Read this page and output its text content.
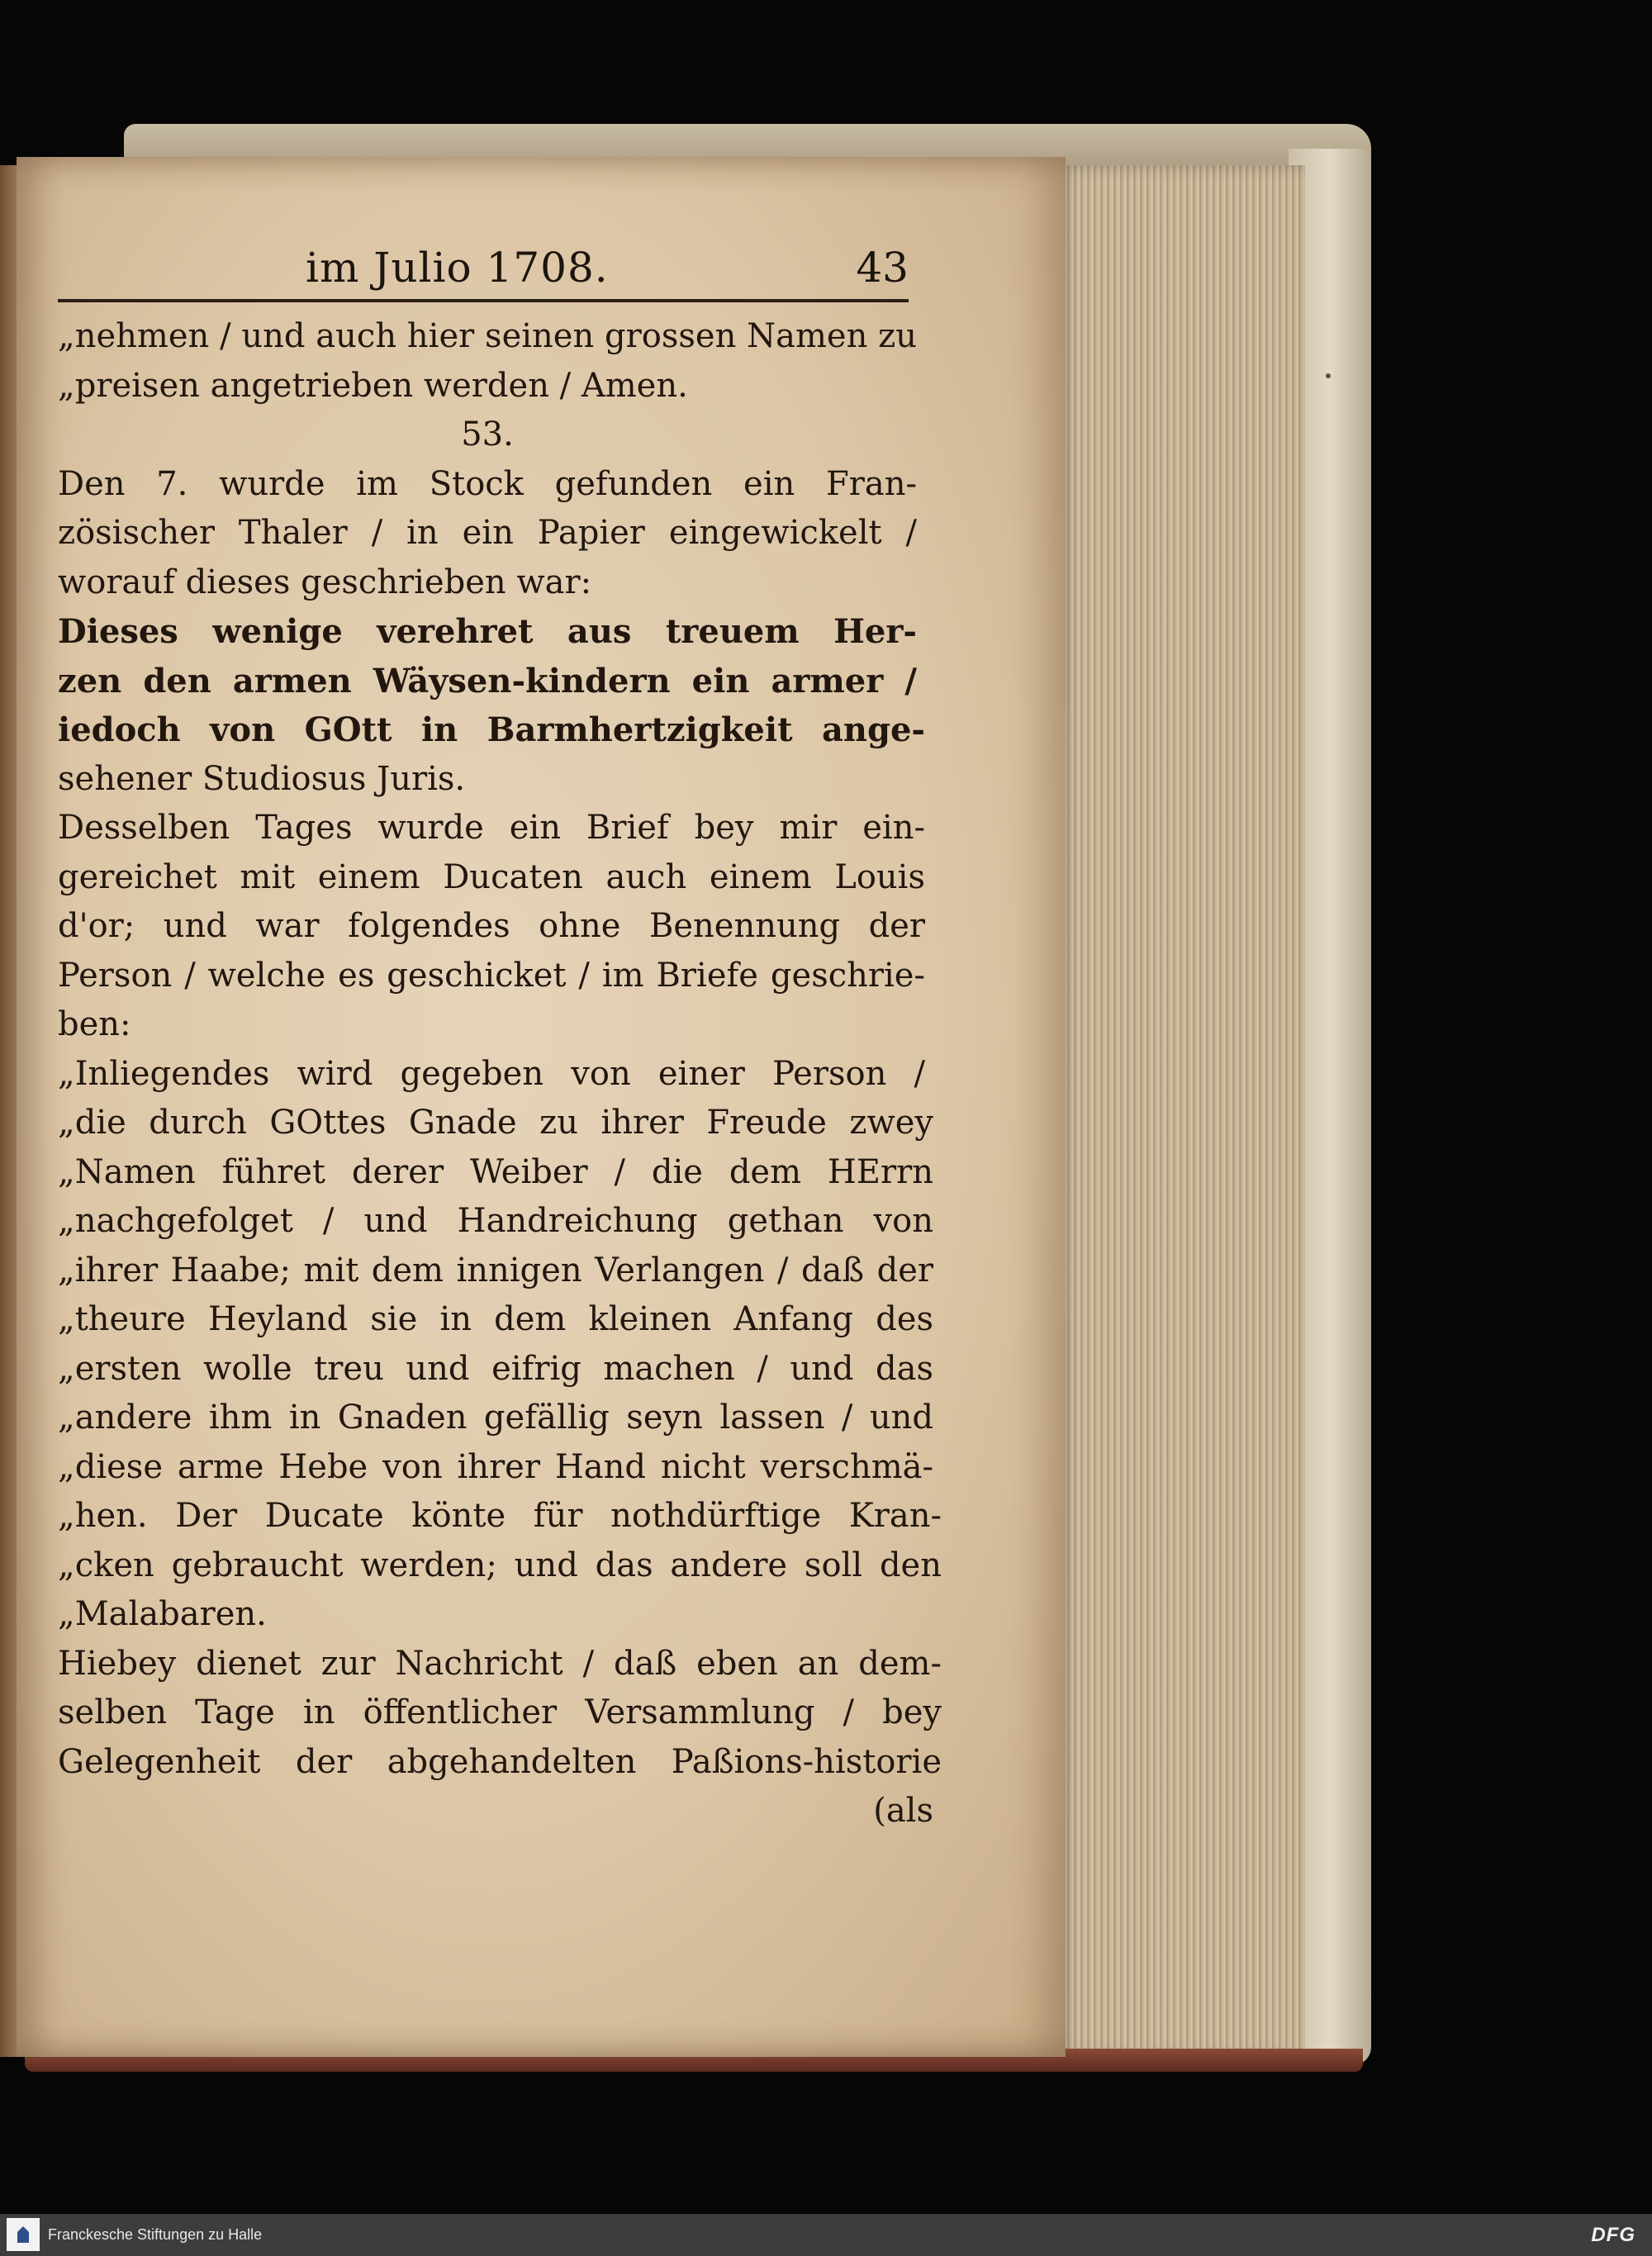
im Julio 1708.	43
„nehmen / und auch hier seinen grossen Namen zu
„preisen angetrieben werden / Amen.
53.
Den 7. wurde im Stock gefunden ein Fran-
zösischer Thaler / in ein Papier eingewickelt /
worauf dieses geschrieben war:
Dieses wenige verehret aus treuem Her-
zen den armen Wäysen-kindern ein armer /
iedoch von GOtt in Barmhertzigkeit ange-
sehener Studiosus Juris.
Desselben Tages wurde ein Brief bey mir ein-
gereichet mit einem Ducaten auch einem Louis
d'or; und war folgendes ohne Benennung der
Person / welche es geschicket / im Briefe geschrie-
ben:
„Inliegendes wird gegeben von einer Person /
„die durch GOttes Gnade zu ihrer Freude zwey
„Namen führet derer Weiber / die dem HErrn
„nachgefolget / und Handreichung gethan von
„ihrer Haabe; mit dem innigen Verlangen / daß der
„theure Heyland sie in dem kleinen Anfang des
„ersten wolle treu und eifrig machen / und das
„andere ihm in Gnaden gefällig seyn lassen / und
„diese arme Hebe von ihrer Hand nicht verschmä-
„hen. Der Ducate könte für nothdürftige Kran-
„cken gebraucht werden; und das andere soll den
„Malabaren.
Hiebey dienet zur Nachricht / daß eben an dem-
selben Tage in öffentlicher Versammlung / bey
Gelegenheit der abgehandelten Paßions-historie
(als
Franckesche Stiftungen zu Halle	DFG
